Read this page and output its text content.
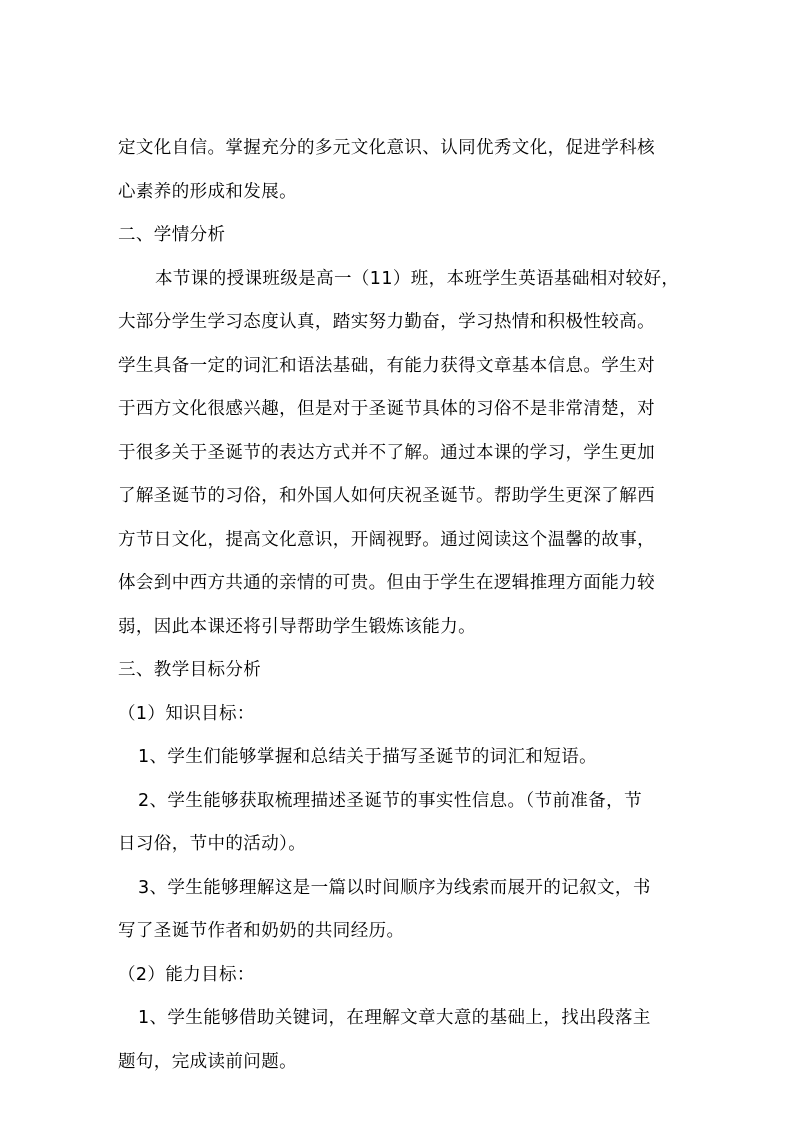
定文化自信。掌握充分的多元文化意识、认同优秀文化，促进学科核
心素养的形成和发展。
二、学情分析
本节课的授课班级是高一（11）班，本班学生英语基础相对较好，
大部分学生学习态度认真，踏实努力勤奋，学习热情和积极性较高。
学生具备一定的词汇和语法基础，有能力获得文章基本信息。学生对
于西方文化很感兴趣，但是对于圣诞节具体的习俗不是非常清楚，对
于很多关于圣诞节的表达方式并不了解。通过本课的学习，学生更加
了解圣诞节的习俗，和外国人如何庆祝圣诞节。帮助学生更深了解西
方节日文化，提高文化意识，开阔视野。通过阅读这个温馨的故事，
体会到中西方共通的亲情的可贵。但由于学生在逻辑推理方面能力较
弱，因此本课还将引导帮助学生锻炼该能力。
三、教学目标分析
（1）知识目标：
1、学生们能够掌握和总结关于描写圣诞节的词汇和短语。
2、学生能够获取梳理描述圣诞节的事实性信息。（节前准备，节
日习俗，节中的活动）。
3、学生能够理解这是一篇以时间顺序为线索而展开的记叙文，书
写了圣诞节作者和奶奶的共同经历。
（2）能力目标：
1、学生能够借助关键词，在理解文章大意的基础上，找出段落主
题句，完成读前问题。
